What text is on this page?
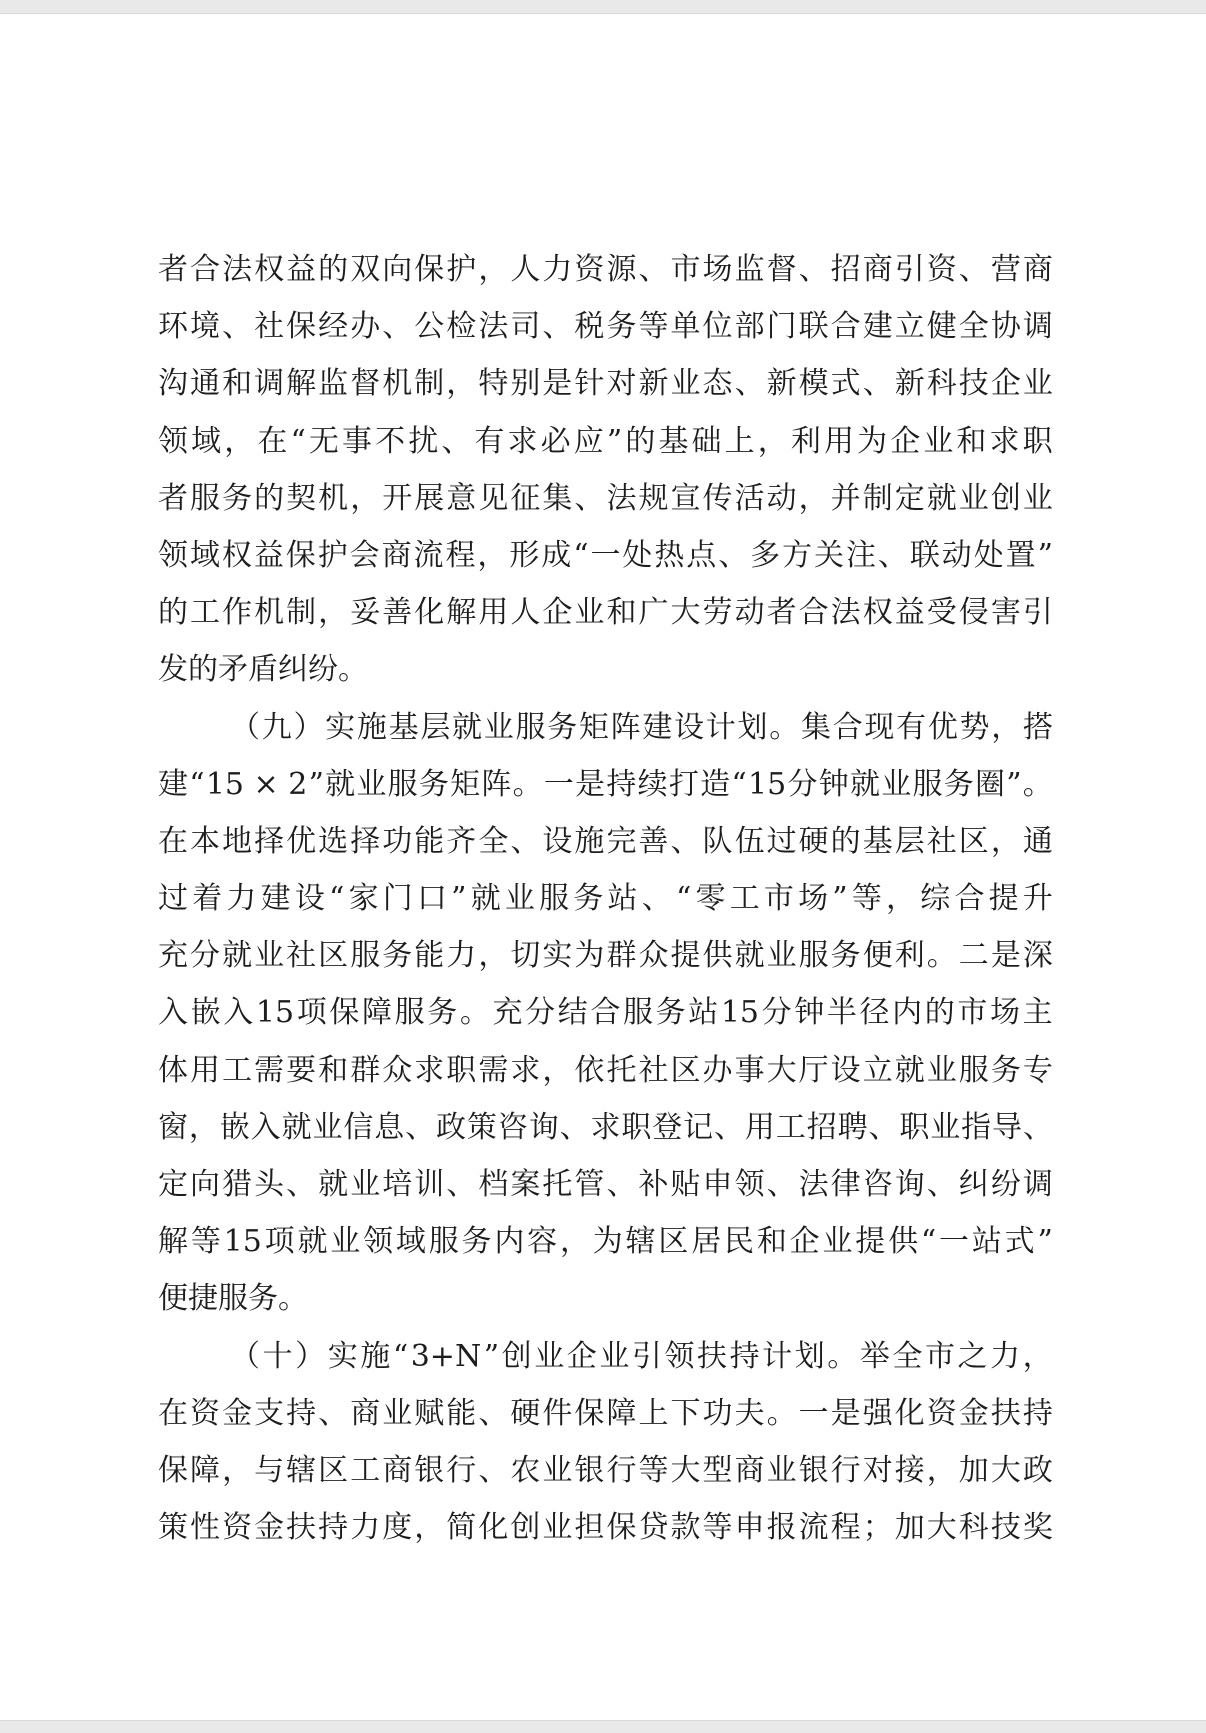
者 合 法 权 益 的 双 向 保 护 ， 人 力 资 源 、 市 场 监 督 、 招 商 引 资 、 营 商
环 境 、 社 保 经 办 、 公 检 法 司 、 税 务 等 单 位 部 门 联 合 建 立 健 全 协 调
沟 通 和 调 解 监 督 机 制 ， 特 别 是 针 对 新 业 态 、 新 模 式 、 新 科 技 企 业
领 域 ， 在 “ 无 事 不 扰 、 有 求 必 应 ” 的 基 础 上 ， 利 用 为 企 业 和 求 职
者 服 务 的 契 机 ， 开 展 意 见 征 集 、 法 规 宣 传 活 动 ， 并 制 定 就 业 创 业
领 域 权 益 保 护 会 商 流 程 ， 形 成 “ 一 处 热 点 、 多 方 关 注 、 联 动 处 置 ”
的 工 作 机 制 ， 妥 善 化 解 用 人 企 业 和 广 大 劳 动 者 合 法 权 益 受 侵 害 引
发的矛盾纠纷。
（ 九 ） 实 施 基 层 就 业 服 务 矩 阵 建 设 计 划 。 集 合 现 有 优 势 ， 搭
建 “ 15 × 2 ” 就 业 服 务 矩 阵 。 一 是 持 续 打 造 “ 15 分 钟 就 业 服 务 圈 ” 。
在 本 地 择 优 选 择 功 能 齐 全 、 设 施 完 善 、 队 伍 过 硬 的 基 层 社 区 ， 通
过 着 力 建 设 “ 家 门 口 ” 就 业 服 务 站 、 “ 零 工 市 场 ” 等 ， 综 合 提 升
充 分 就 业 社 区 服 务 能 力 ， 切 实 为 群 众 提 供 就 业 服 务 便 利 。 二 是 深
入 嵌 入 15 项 保 障 服 务 。 充 分 结 合 服 务 站 15 分 钟 半 径 内 的 市 场 主
体 用 工 需 要 和 群 众 求 职 需 求 ， 依 托 社 区 办 事 大 厅 设 立 就 业 服 务 专
窗 ， 嵌 入 就 业 信 息 、 政 策 咨 询 、 求 职 登 记 、 用 工 招 聘 、 职 业 指 导 、
定 向 猎 头 、 就 业 培 训 、 档 案 托 管 、 补 贴 申 领 、 法 律 咨 询 、 纠 纷 调
解 等 15 项 就 业 领 域 服 务 内 容 ， 为 辖 区 居 民 和 企 业 提 供 “ 一 站 式 ”
便捷服务。
（ 十 ） 实 施 “ 3+N ” 创 业 企 业 引 领 扶 持 计 划 。 举 全 市 之 力 ，
在 资 金 支 持 、 商 业 赋 能 、 硬 件 保 障 上 下 功 夫 。 一 是 强 化 资 金 扶 持
保 障 ， 与 辖 区 工 商 银 行 、 农 业 银 行 等 大 型 商 业 银 行 对 接 ， 加 大 政
策 性 资 金 扶 持 力 度 ， 简 化 创 业 担 保 贷 款 等 申 报 流 程 ； 加 大 科 技 奖
